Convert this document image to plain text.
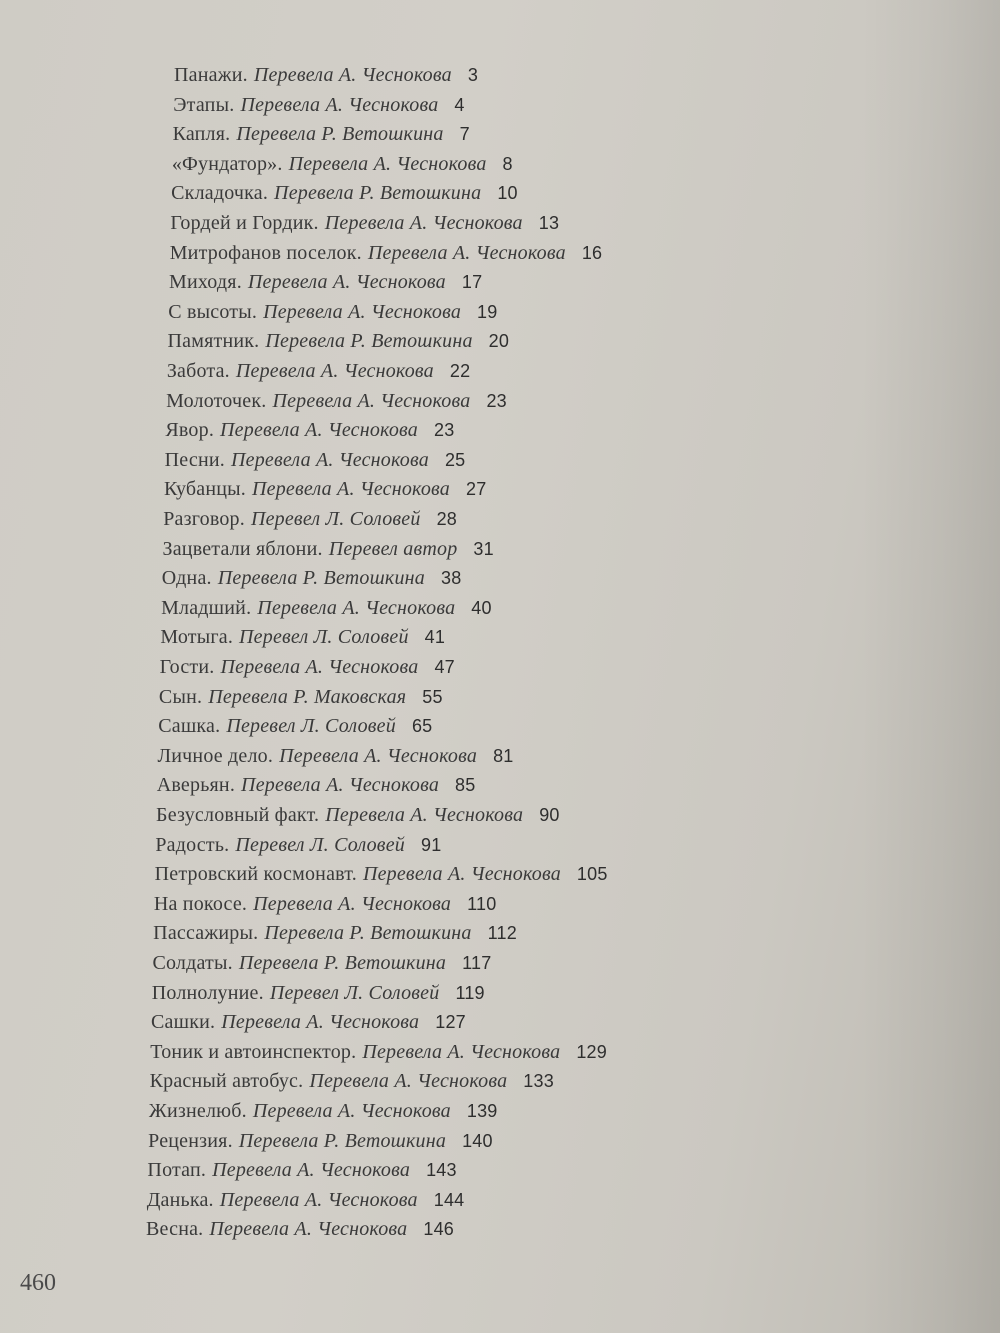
Панажи. Перевела А. Чеснокова 3
Этапы. Перевела А. Чеснокова 4
Капля. Перевела Р. Ветошкина 7
«Фундатор». Перевела А. Чеснокова 8
Складочка. Перевела Р. Ветошкина 10
Гордей и Гордик. Перевела А. Чеснокова 13
Митрофанов поселок. Перевела А. Чеснокова 16
Миходя. Перевела А. Чеснокова 17
С высоты. Перевела А. Чеснокова 19
Памятник. Перевела Р. Ветошкина 20
Забота. Перевела А. Чеснокова 22
Молоточек. Перевела А. Чеснокова 23
Явор. Перевела А. Чеснокова 23
Песни. Перевела А. Чеснокова 25
Кубанцы. Перевела А. Чеснокова 27
Разговор. Перевел Л. Соловей 28
Зацветали яблони. Перевел автор 31
Одна. Перевела Р. Ветошкина 38
Младший. Перевела А. Чеснокова 40
Мотыга. Перевел Л. Соловей 41
Гости. Перевела А. Чеснокова 47
Сын. Перевела Р. Маковская 55
Сашка. Перевел Л. Соловей 65
Личное дело. Перевела А. Чеснокова 81
Аверьян. Перевела А. Чеснокова 85
Безусловный факт. Перевела А. Чеснокова 90
Радость. Перевел Л. Соловей 91
Петровский космонавт. Перевела А. Чеснокова 105
На покосе. Перевела А. Чеснокова 110
Пассажиры. Перевела Р. Ветошкина 112
Солдаты. Перевела Р. Ветошкина 117
Полнолуние. Перевел Л. Соловей 119
Сашки. Перевела А. Чеснокова 127
Тоник и автоинспектор. Перевела А. Чеснокова 129
Красный автобус. Перевела А. Чеснокова 133
Жизнелюб. Перевела А. Чеснокова 139
Рецензия. Перевела Р. Ветошкина 140
Потап. Перевела А. Чеснокова 143
Данька. Перевела А. Чеснокова 144
Весна. Перевела А. Чеснокова 146
460
